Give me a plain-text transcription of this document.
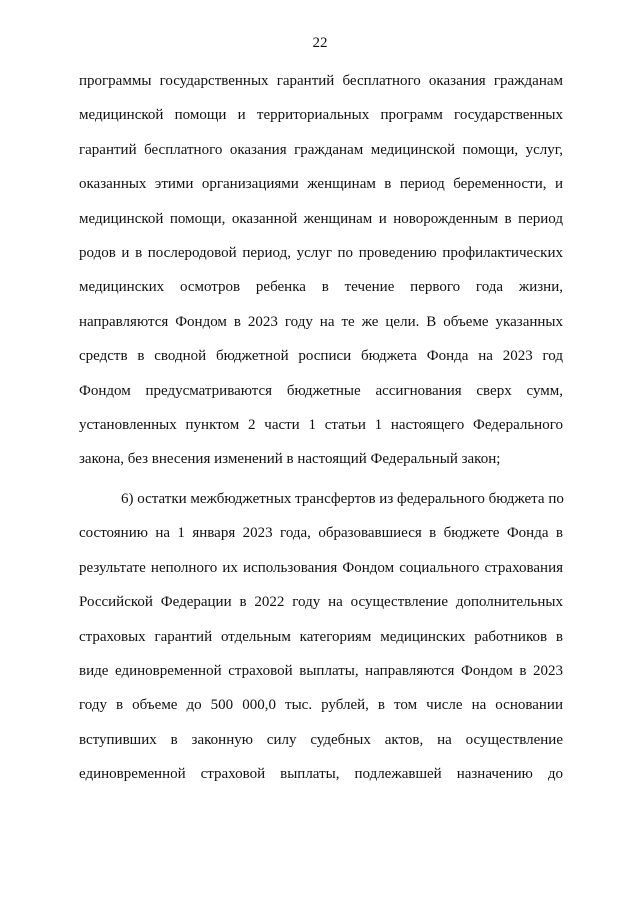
22
программы государственных гарантий бесплатного оказания гражданам
медицинской помощи и территориальных программ государственных
гарантий бесплатного оказания гражданам медицинской помощи, услуг,
оказанных этими организациями женщинам в период беременности, и
медицинской помощи, оказанной женщинам и новорожденным в период
родов и в послеродовой период, услуг по проведению профилактических
медицинских осмотров ребенка в течение первого года жизни,
направляются Фондом в 2023 году на те же цели. В объеме указанных
средств в сводной бюджетной росписи бюджета Фонда на 2023 год
Фондом предусматриваются бюджетные ассигнования сверх сумм,
установленных пунктом 2 части 1 статьи 1 настоящего Федерального
закона, без внесения изменений в настоящий Федеральный закон;
6) остатки межбюджетных трансфертов из федерального бюджета по
состоянию на 1 января 2023 года, образовавшиеся в бюджете Фонда в
результате неполного их использования Фондом социального страхования
Российской Федерации в 2022 году на осуществление дополнительных
страховых гарантий отдельным категориям медицинских работников в
виде единовременной страховой выплаты, направляются Фондом в 2023
году в объеме до 500 000,0 тыс. рублей, в том числе на основании
вступивших в законную силу судебных актов, на осуществление
единовременной страховой выплаты, подлежавшей назначению до
